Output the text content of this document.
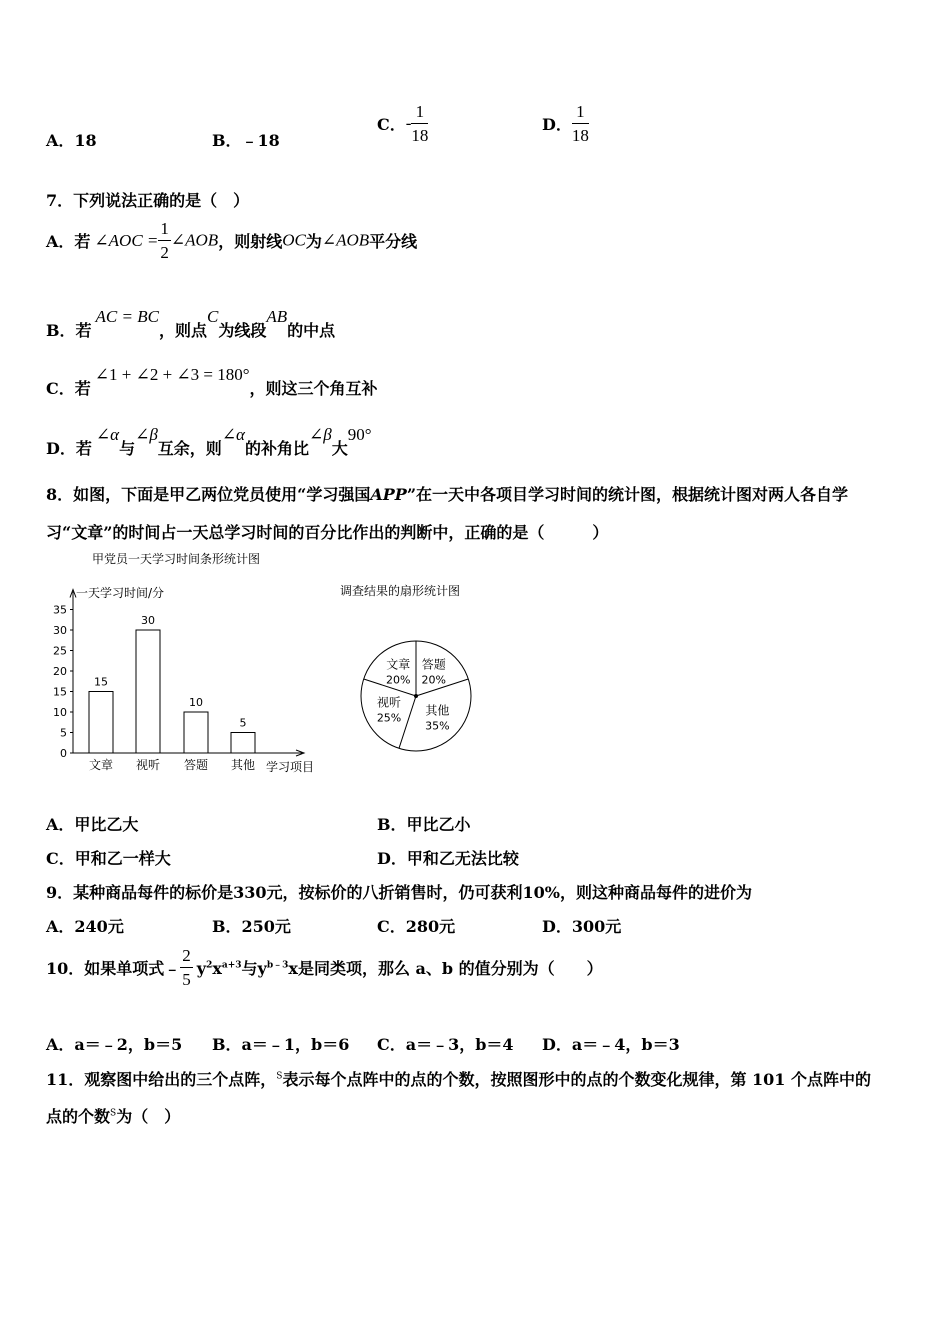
A．18	B．﹣18
C．- $\frac{1}{18}$	D． $\frac{1}{18}$
7．下列说法正确的是（　）
A．若 ∠AOC = $\frac{1}{2}$ ∠AOB，则射线OC为∠AOB平分线
B．若AC = BC，则点C为线段AB的中点
C．若∠1 + ∠2 + ∠3 = 180°，则这三个角互补
D．若∠α与∠β互余，则∠α的补角比∠β大90°
8．如图，下面是甲乙两位党员使用“学习强国APP”在一天中各项目学习时间的统计图，根据统计图对两人各自学
习“文章”的时间占一天总学习时间的百分比作出的判断中，正确的是（　　　）
甲党员一天学习时间条形统计图
一天学习时间/分
学习项目
0
5
10
15
20
25
30
35
15
文章
30
视听
10
答题
5
其他
调查结果的扇形统计图
答题
20%
其他
35%
视听
25%
文章
20%
A．甲比乙大	B．甲比乙小
C．甲和乙一样大	D．甲和乙无法比较
9．某种商品每件的标价是330元，按标价的八折销售时，仍可获利10%，则这种商品每件的进价为
A．240元	B．250元	C．280元	D．300元
10．如果单项式﹣ $\frac{2}{5} y^2x^{a+3}$与$y^{b﹣3}x$是同类项，那么 a、b 的值分别为（　　）
A．a＝﹣2，b＝5 B．a＝﹣1，b＝6 C．a＝﹣3，b＝4 D．a＝﹣4，b＝3
11．观察图中给出的三个点阵，$^S$表示每个点阵中的点的个数，按照图形中的点的个数变化规律，第 101 个点阵中的
点的个数$^S$为（　）
